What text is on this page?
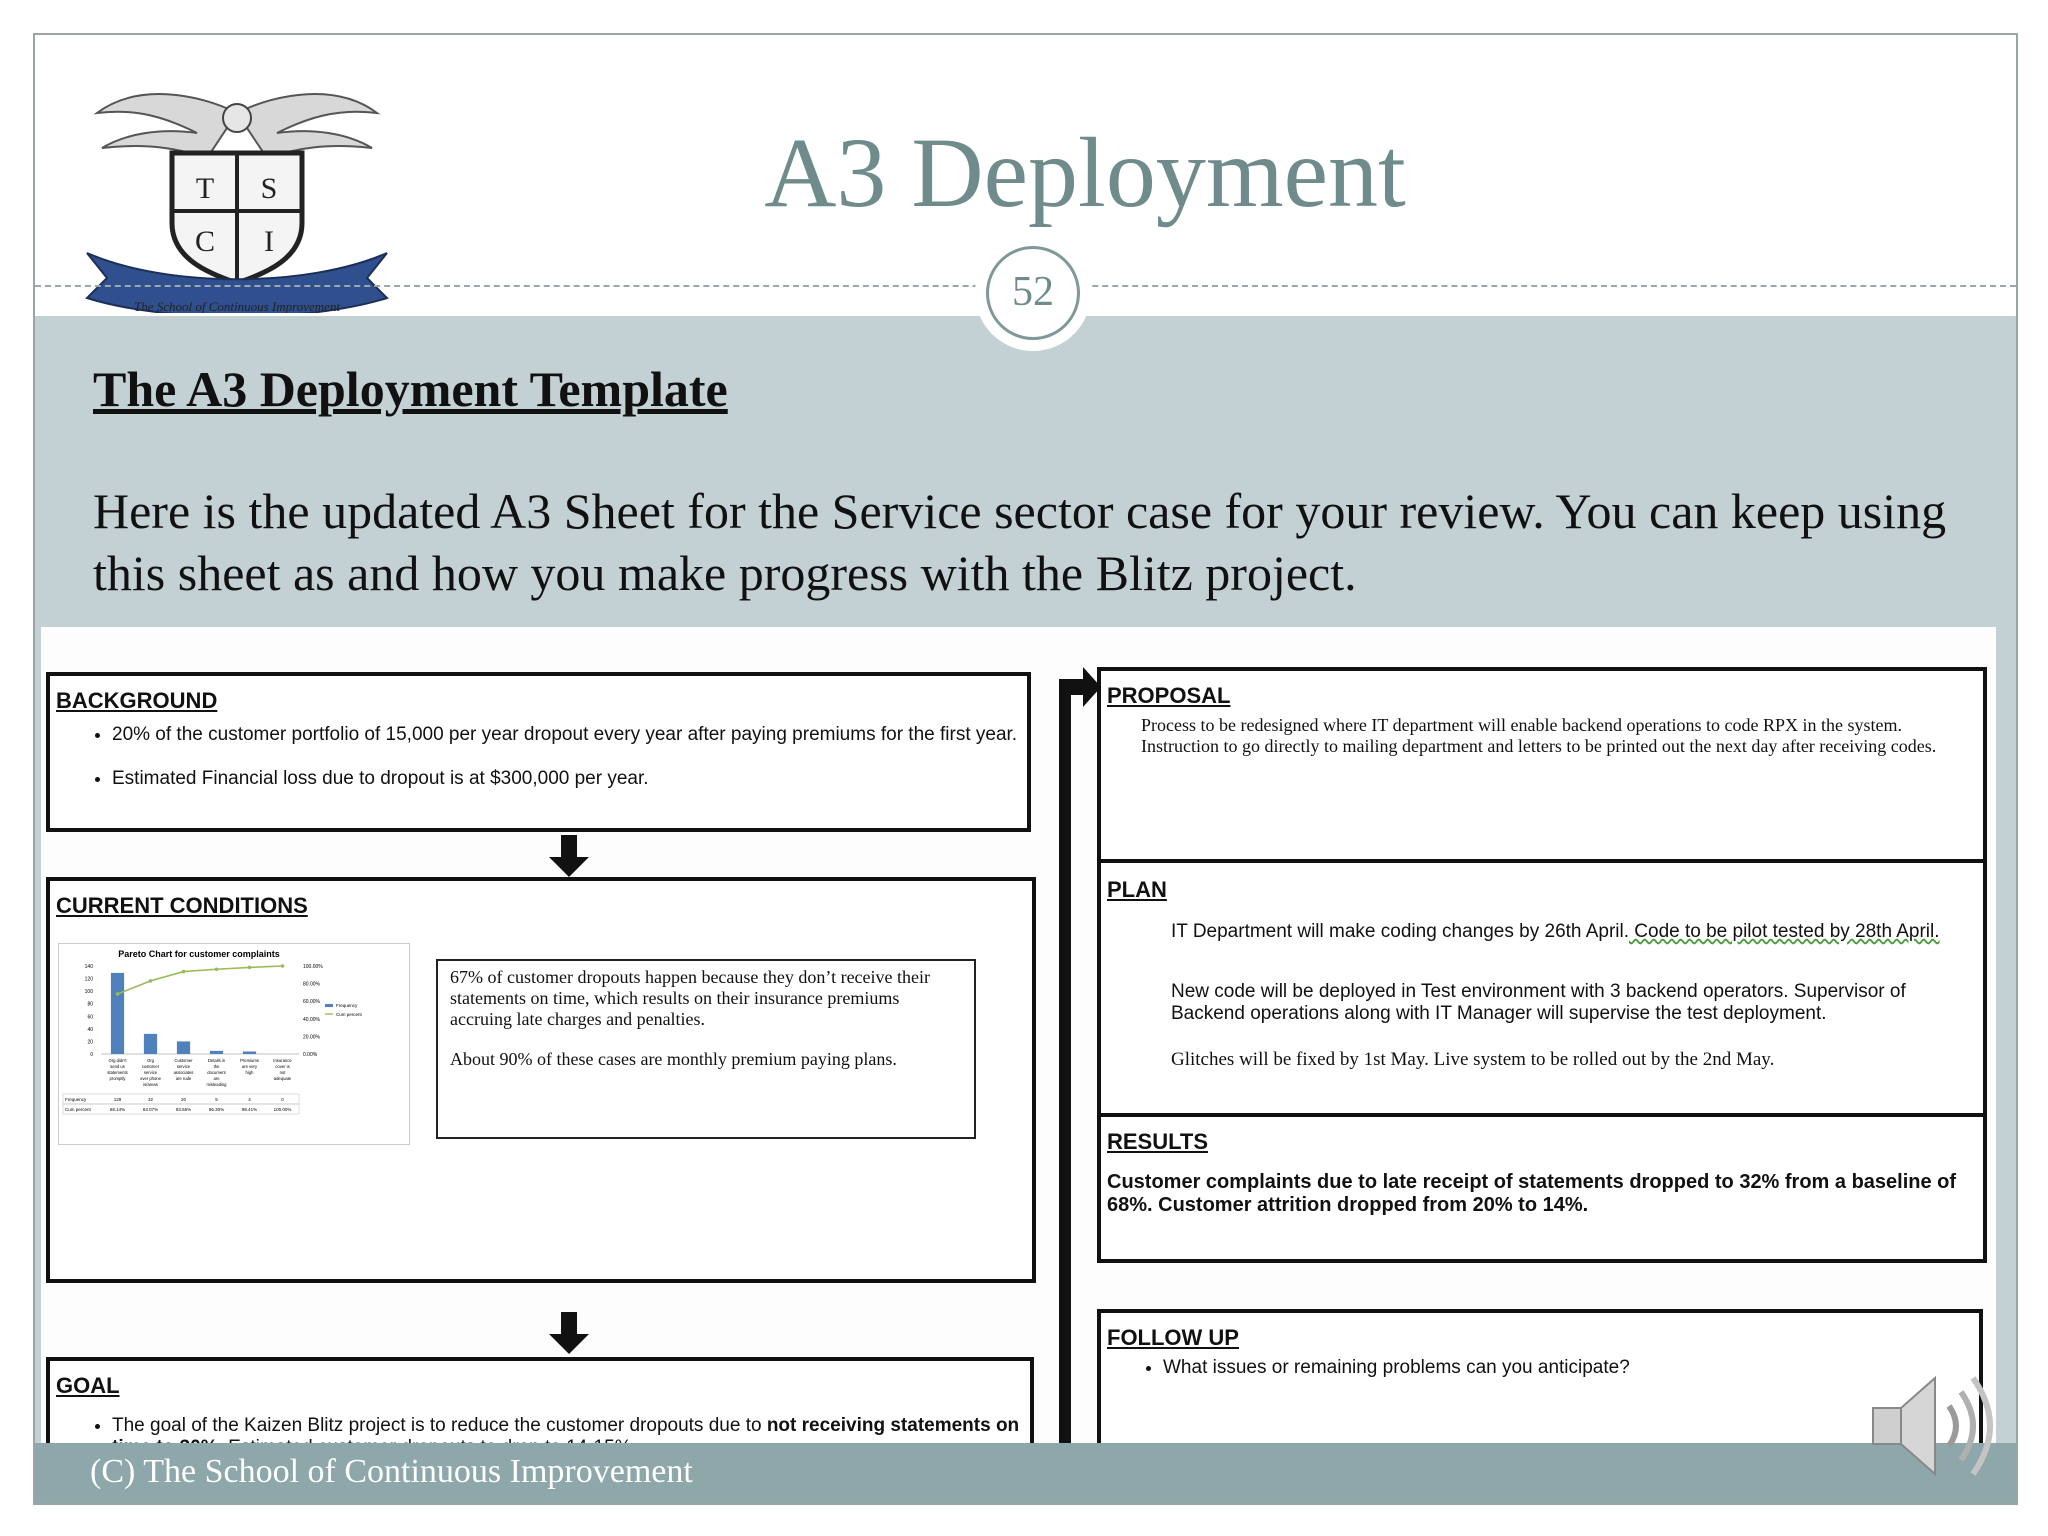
T S
C I
The School of Continuous Improvement
A3 Deployment
52
The A3 Deployment Template
Here is the updated A3 Sheet for the Service sector case for your review. You can keep using this sheet as and how you make progress with the Blitz project.
BACKGROUND
• 20% of the customer portfolio of 15,000 per year dropout every year after paying premiums for the first year.
• Estimated Financial loss due to dropout is at $300,000 per year.
CURRENT CONDITIONS
Pareto Chart for customer complaints
140
120
100
80
60
40
20
0
100.00%
80.00%
60.00%
40.00%
20.00%
0.00%
Org didn't
send us
statements
promptly
Org
customer
service
over phone
is/areas
Customer
service
associates
are rude
Details in
the
document
are
misleading
Premiums
are very
high
Insurance
cover is
not
adequate
Frequency
Cum percent
Frequency	129	32	20	5	4	0
Cum percent	68.14%	83.07%	93.65%	96.30%	98.41%	100.00%
67% of customer dropouts happen because they don’t receive their statements on time, which results on their insurance premiums accruing late charges and penalties.
About 90% of these cases are monthly premium paying plans.
GOAL
• The goal of the Kaizen Blitz project is to reduce the customer dropouts due to not receiving statements on
PROPOSAL
Process to be redesigned where IT department will enable backend operations to code RPX in the system. Instruction to go directly to mailing department and letters to be printed out the next day after receiving codes.
PLAN
IT Department will make coding changes by 26th April. Code to be pilot tested by 28th April.
New code will be deployed in Test environment with 3 backend operators. Supervisor of Backend operations along with IT Manager will supervise the test deployment.
Glitches will be fixed by 1st May. Live system to be rolled out by the 2nd May.
RESULTS
Customer complaints due to late receipt of statements dropped to 32% from a baseline of 68%. Customer attrition dropped from 20% to 14%.
FOLLOW UP
• What issues or remaining problems can you anticipate?
(C) The School of Continuous Improvement
